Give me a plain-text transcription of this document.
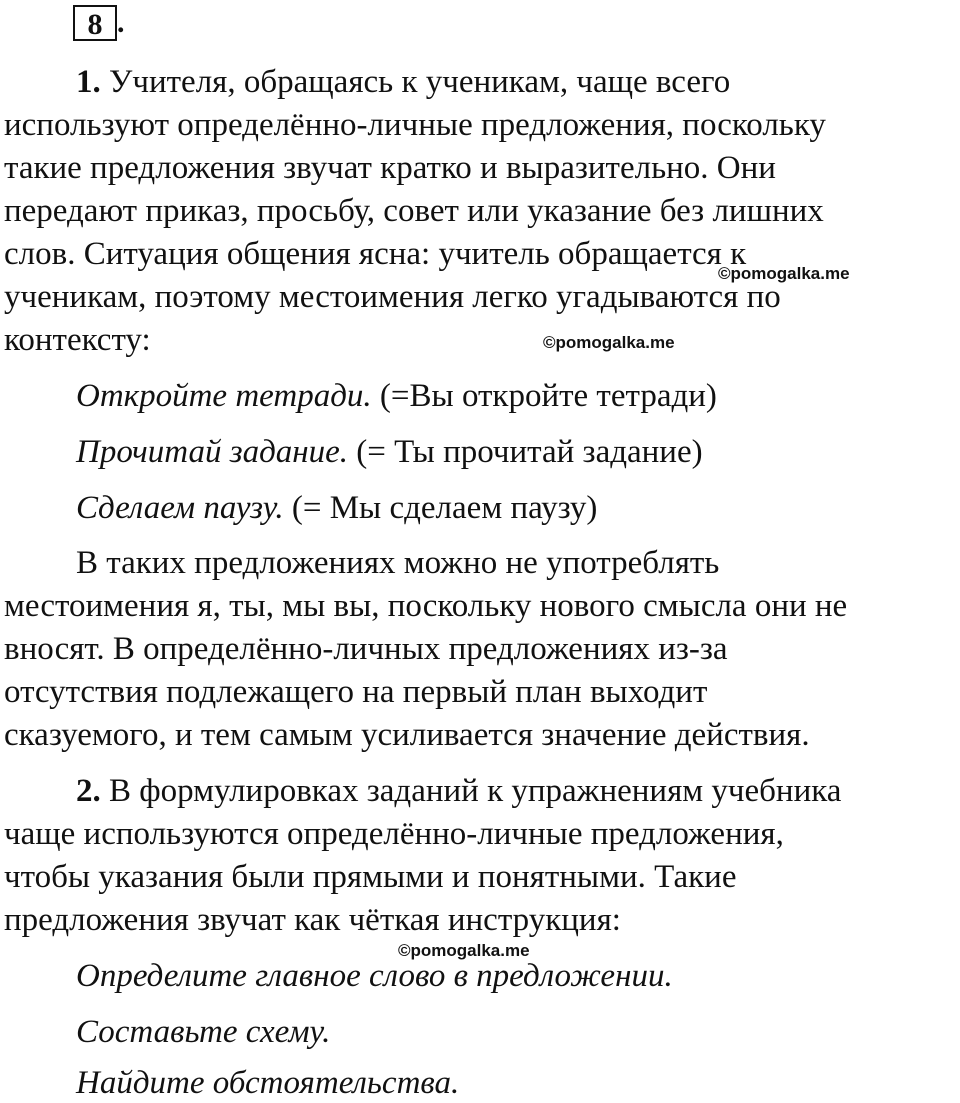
8 .
1. Учителя, обращаясь к ученикам, чаще всего
используют определённо-личные предложения, поскольку
такие предложения звучат кратко и выразительно. Они
передают приказ, просьбу, совет или указание без лишних
слов. Ситуация общения ясна: учитель обращается к
ученикам, поэтому местоимения легко угадываются по
контексту:
Откройте тетради. (=Вы откройте тетради)
Прочитай задание. (= Ты прочитай задание)
Сделаем паузу. (= Мы сделаем паузу)
В таких предложениях можно не употреблять
местоимения я, ты, мы вы, поскольку нового смысла они не
вносят. В определённо-личных предложениях из-за
отсутствия подлежащего на первый план выходит
сказуемого, и тем самым усиливается значение действия.
2. В формулировках заданий к упражнениям учебника
чаще используются определённо-личные предложения,
чтобы указания были прямыми и понятными. Такие
предложения звучат как чёткая инструкция:
Определите главное слово в предложении.
Составьте схему.
Найдите обстоятельства.
©pomogalka.me
©pomogalka.me
©pomogalka.me
